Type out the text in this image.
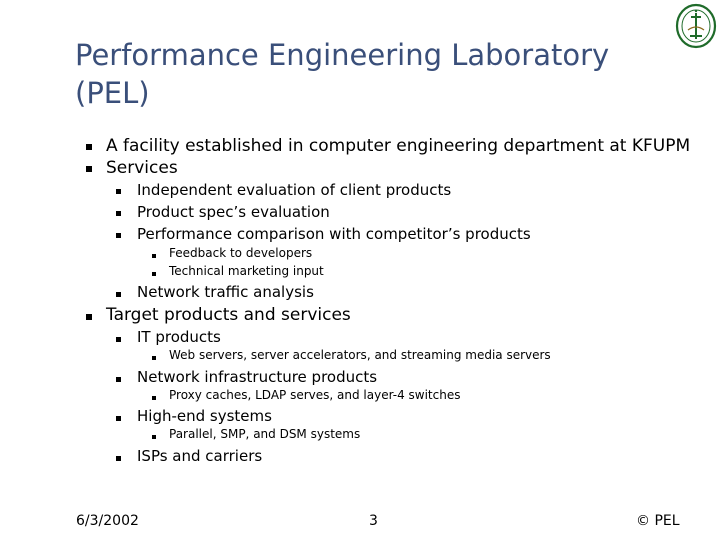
Performance Engineering Laboratory
(PEL)
A facility established in computer engineering department at KFUPM
Services
Independent evaluation of client products
Product spec’s evaluation
Performance comparison with competitor’s products
Feedback to developers
Technical marketing input
Network traffic analysis
Target products and services
IT products
Web servers, server accelerators, and streaming media servers
Network infrastructure products
Proxy caches, LDAP serves, and layer-4 switches
High-end systems
Parallel, SMP, and DSM systems
ISPs and carriers
6/3/2002	3	© PEL
